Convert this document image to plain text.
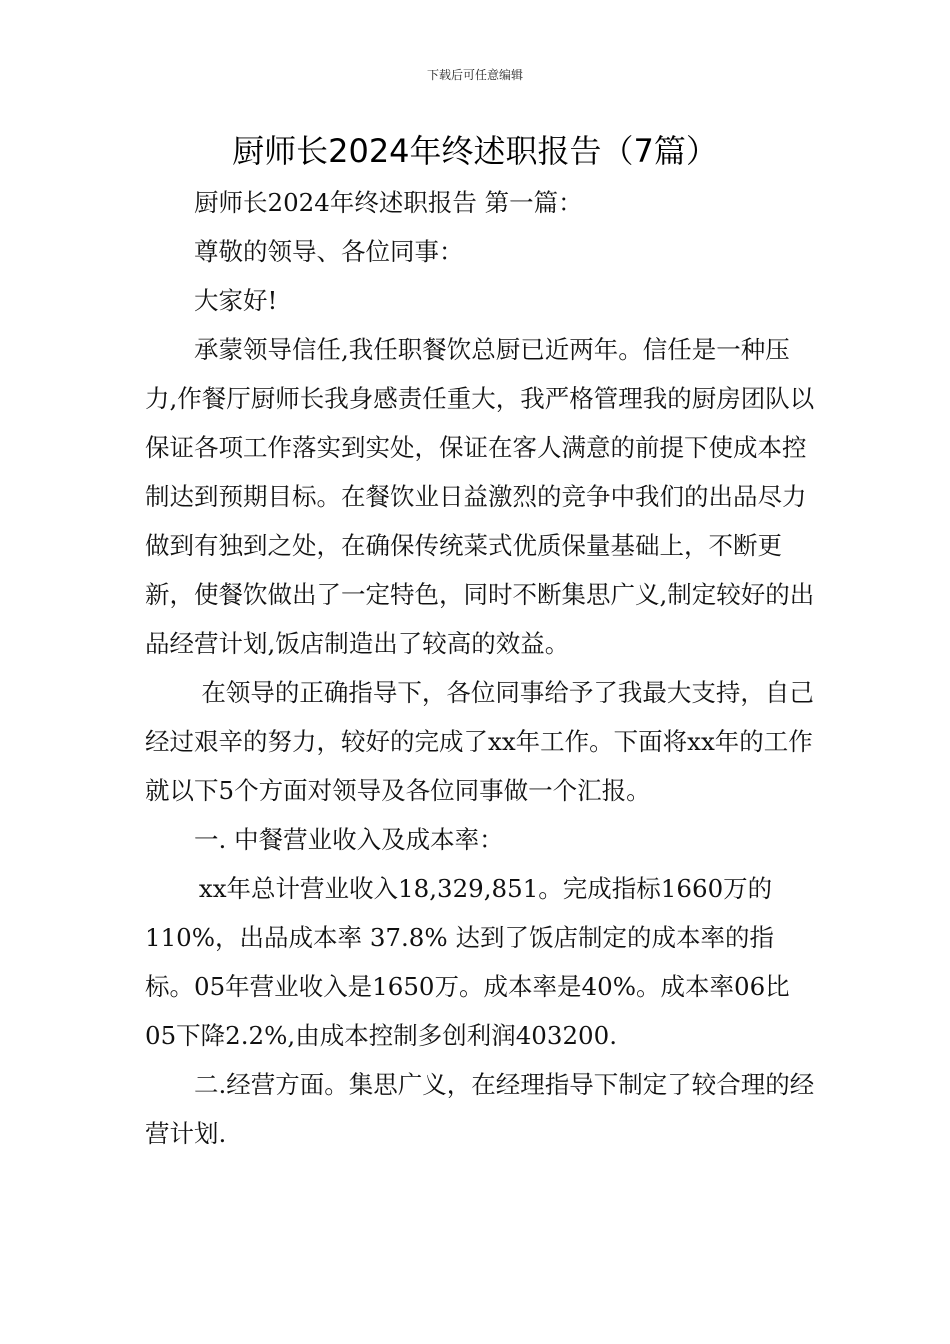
下载后可任意编辑
厨师长2024年终述职报告（7篇）

厨师长2024年终述职报告 第一篇：

尊敬的领导、各位同事：

大家好!

承蒙领导信任,我任职餐饮总厨已近两年。信任是一种压力,作餐厅厨师长我身感责任重大，我严格管理我的厨房团队以保证各项工作落实到实处，保证在客人满意的前提下使成本控制达到预期目标。在餐饮业日益激烈的竞争中我们的出品尽力做到有独到之处，在确保传统菜式优质保量基础上，不断更新，使餐饮做出了一定特色，同时不断集思广义,制定较好的出品经营计划,饭店制造出了较高的效益。

在领导的正确指导下，各位同事给予了我最大支持，自己经过艰辛的努力，较好的完成了xx年工作。下面将xx年的工作就以下5个方面对领导及各位同事做一个汇报。

一. 中餐营业收入及成本率：

xx年总计营业收入18,329,851。完成指标1660万的110%，出品成本率 37.8% 达到了饭店制定的成本率的指标。05年营业收入是1650万。成本率是40%。成本率06比05下降2.2%,由成本控制多创利润403200.

二.经营方面。集思广义，在经理指导下制定了较合理的经营计划.
